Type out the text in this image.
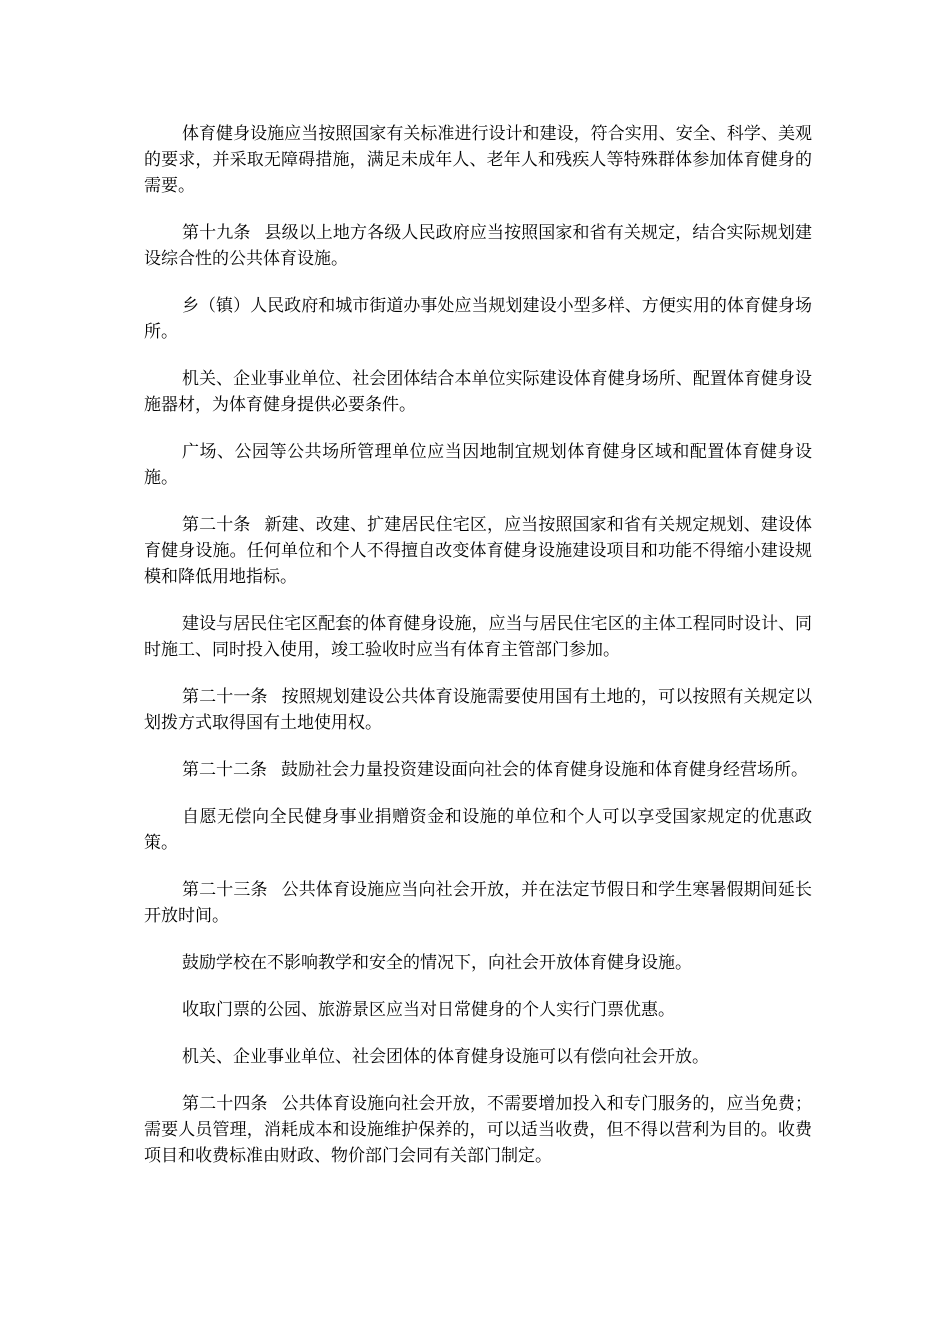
体育健身设施应当按照国家有关标准进行设计和建设，符合实用、安全、科学、美观的要求，并采取无障碍措施，满足未成年人、老年人和残疾人等特殊群体参加体育健身的需要。

第十九条 县级以上地方各级人民政府应当按照国家和省有关规定，结合实际规划建设综合性的公共体育设施。

乡（镇）人民政府和城市街道办事处应当规划建设小型多样、方便实用的体育健身场所。

机关、企业事业单位、社会团体结合本单位实际建设体育健身场所、配置体育健身设施器材，为体育健身提供必要条件。

广场、公园等公共场所管理单位应当因地制宜规划体育健身区域和配置体育健身设施。

第二十条 新建、改建、扩建居民住宅区，应当按照国家和省有关规定规划、建设体育健身设施。任何单位和个人不得擅自改变体育健身设施建设项目和功能不得缩小建设规模和降低用地指标。

建设与居民住宅区配套的体育健身设施，应当与居民住宅区的主体工程同时设计、同时施工、同时投入使用，竣工验收时应当有体育主管部门参加。

第二十一条 按照规划建设公共体育设施需要使用国有土地的，可以按照有关规定以划拨方式取得国有土地使用权。

第二十二条 鼓励社会力量投资建设面向社会的体育健身设施和体育健身经营场所。

自愿无偿向全民健身事业捐赠资金和设施的单位和个人可以享受国家规定的优惠政策。

第二十三条 公共体育设施应当向社会开放，并在法定节假日和学生寒暑假期间延长开放时间。

鼓励学校在不影响教学和安全的情况下，向社会开放体育健身设施。

收取门票的公园、旅游景区应当对日常健身的个人实行门票优惠。

机关、企业事业单位、社会团体的体育健身设施可以有偿向社会开放。

第二十四条 公共体育设施向社会开放，不需要增加投入和专门服务的，应当免费；需要人员管理，消耗成本和设施维护保养的，可以适当收费，但不得以营利为目的。收费项目和收费标准由财政、物价部门会同有关部门制定。
